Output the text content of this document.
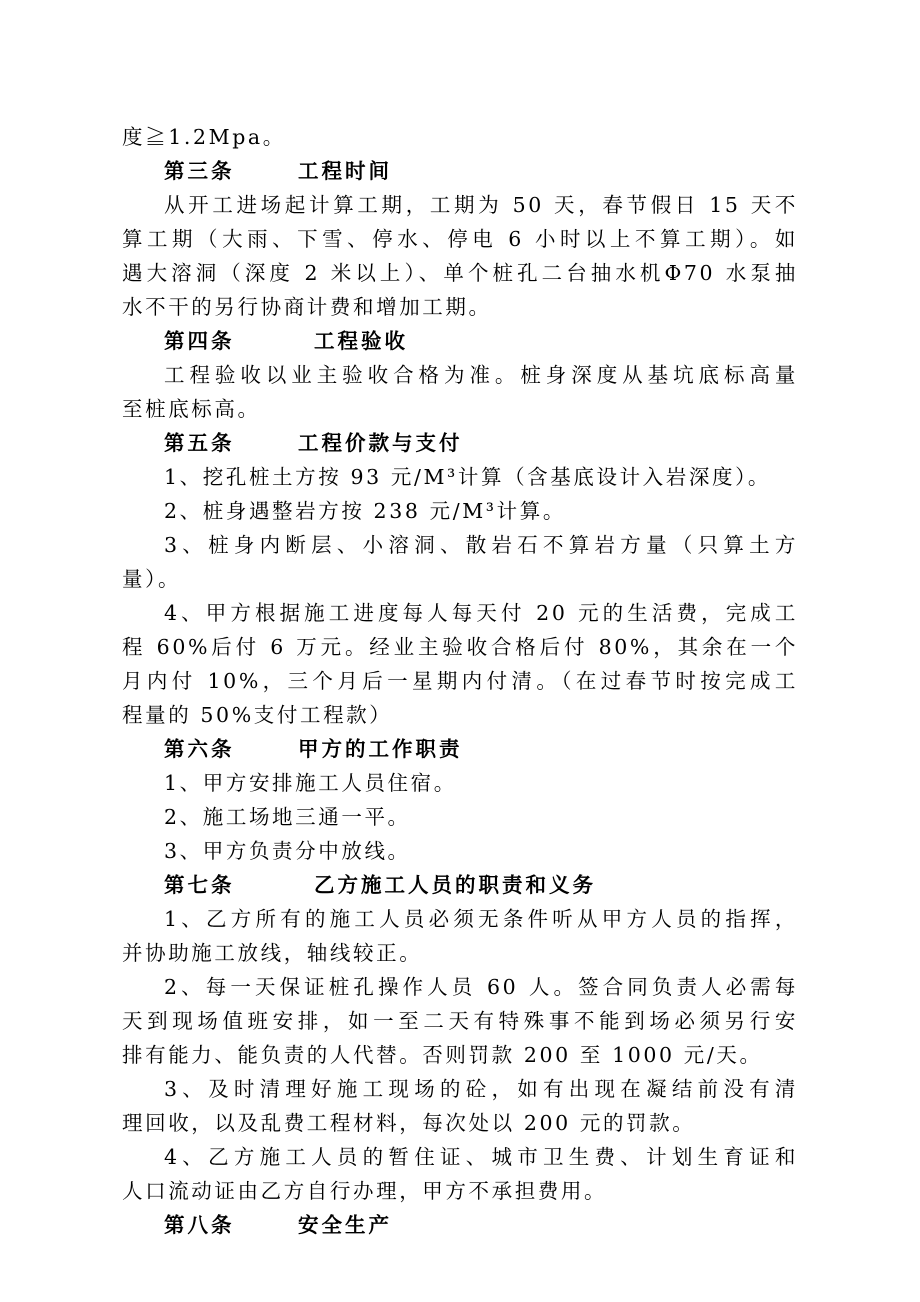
度≧1.2Mpa。
第三条	工程时间
从开工进场起计算工期，工期为 50 天，春节假日 15 天不
算工期（大雨、下雪、停水、停电 6 小时以上不算工期）。如
遇大溶洞（深度 2 米以上）、单个桩孔二台抽水机Φ70 水泵抽
水不干的另行协商计费和增加工期。
第四条	工程验收
工程验收以业主验收合格为准。桩身深度从基坑底标高量
至桩底标高。
第五条	工程价款与支付
1、挖孔桩土方按 93 元/M³计算（含基底设计入岩深度）。
2、桩身遇整岩方按 238 元/M³计算。
3、桩身内断层、小溶洞、散岩石不算岩方量（只算土方
量）。
4、甲方根据施工进度每人每天付 20 元的生活费，完成工
程 60%后付 6 万元。经业主验收合格后付 80%，其余在一个
月内付 10%，三个月后一星期内付清。（在过春节时按完成工
程量的 50%支付工程款）
第六条	甲方的工作职责
1、甲方安排施工人员住宿。
2、施工场地三通一平。
3、甲方负责分中放线。
第七条	乙方施工人员的职责和义务
1、乙方所有的施工人员必须无条件听从甲方人员的指挥，
并协助施工放线，轴线较正。
2、每一天保证桩孔操作人员 60 人。签合同负责人必需每
天到现场值班安排，如一至二天有特殊事不能到场必须另行安
排有能力、能负责的人代替。否则罚款 200 至 1000 元/天。
3、及时清理好施工现场的砼，如有出现在凝结前没有清
理回收，以及乱费工程材料，每次处以 200 元的罚款。
4、乙方施工人员的暂住证、城市卫生费、计划生育证和
人口流动证由乙方自行办理，甲方不承担费用。
第八条	安全生产
